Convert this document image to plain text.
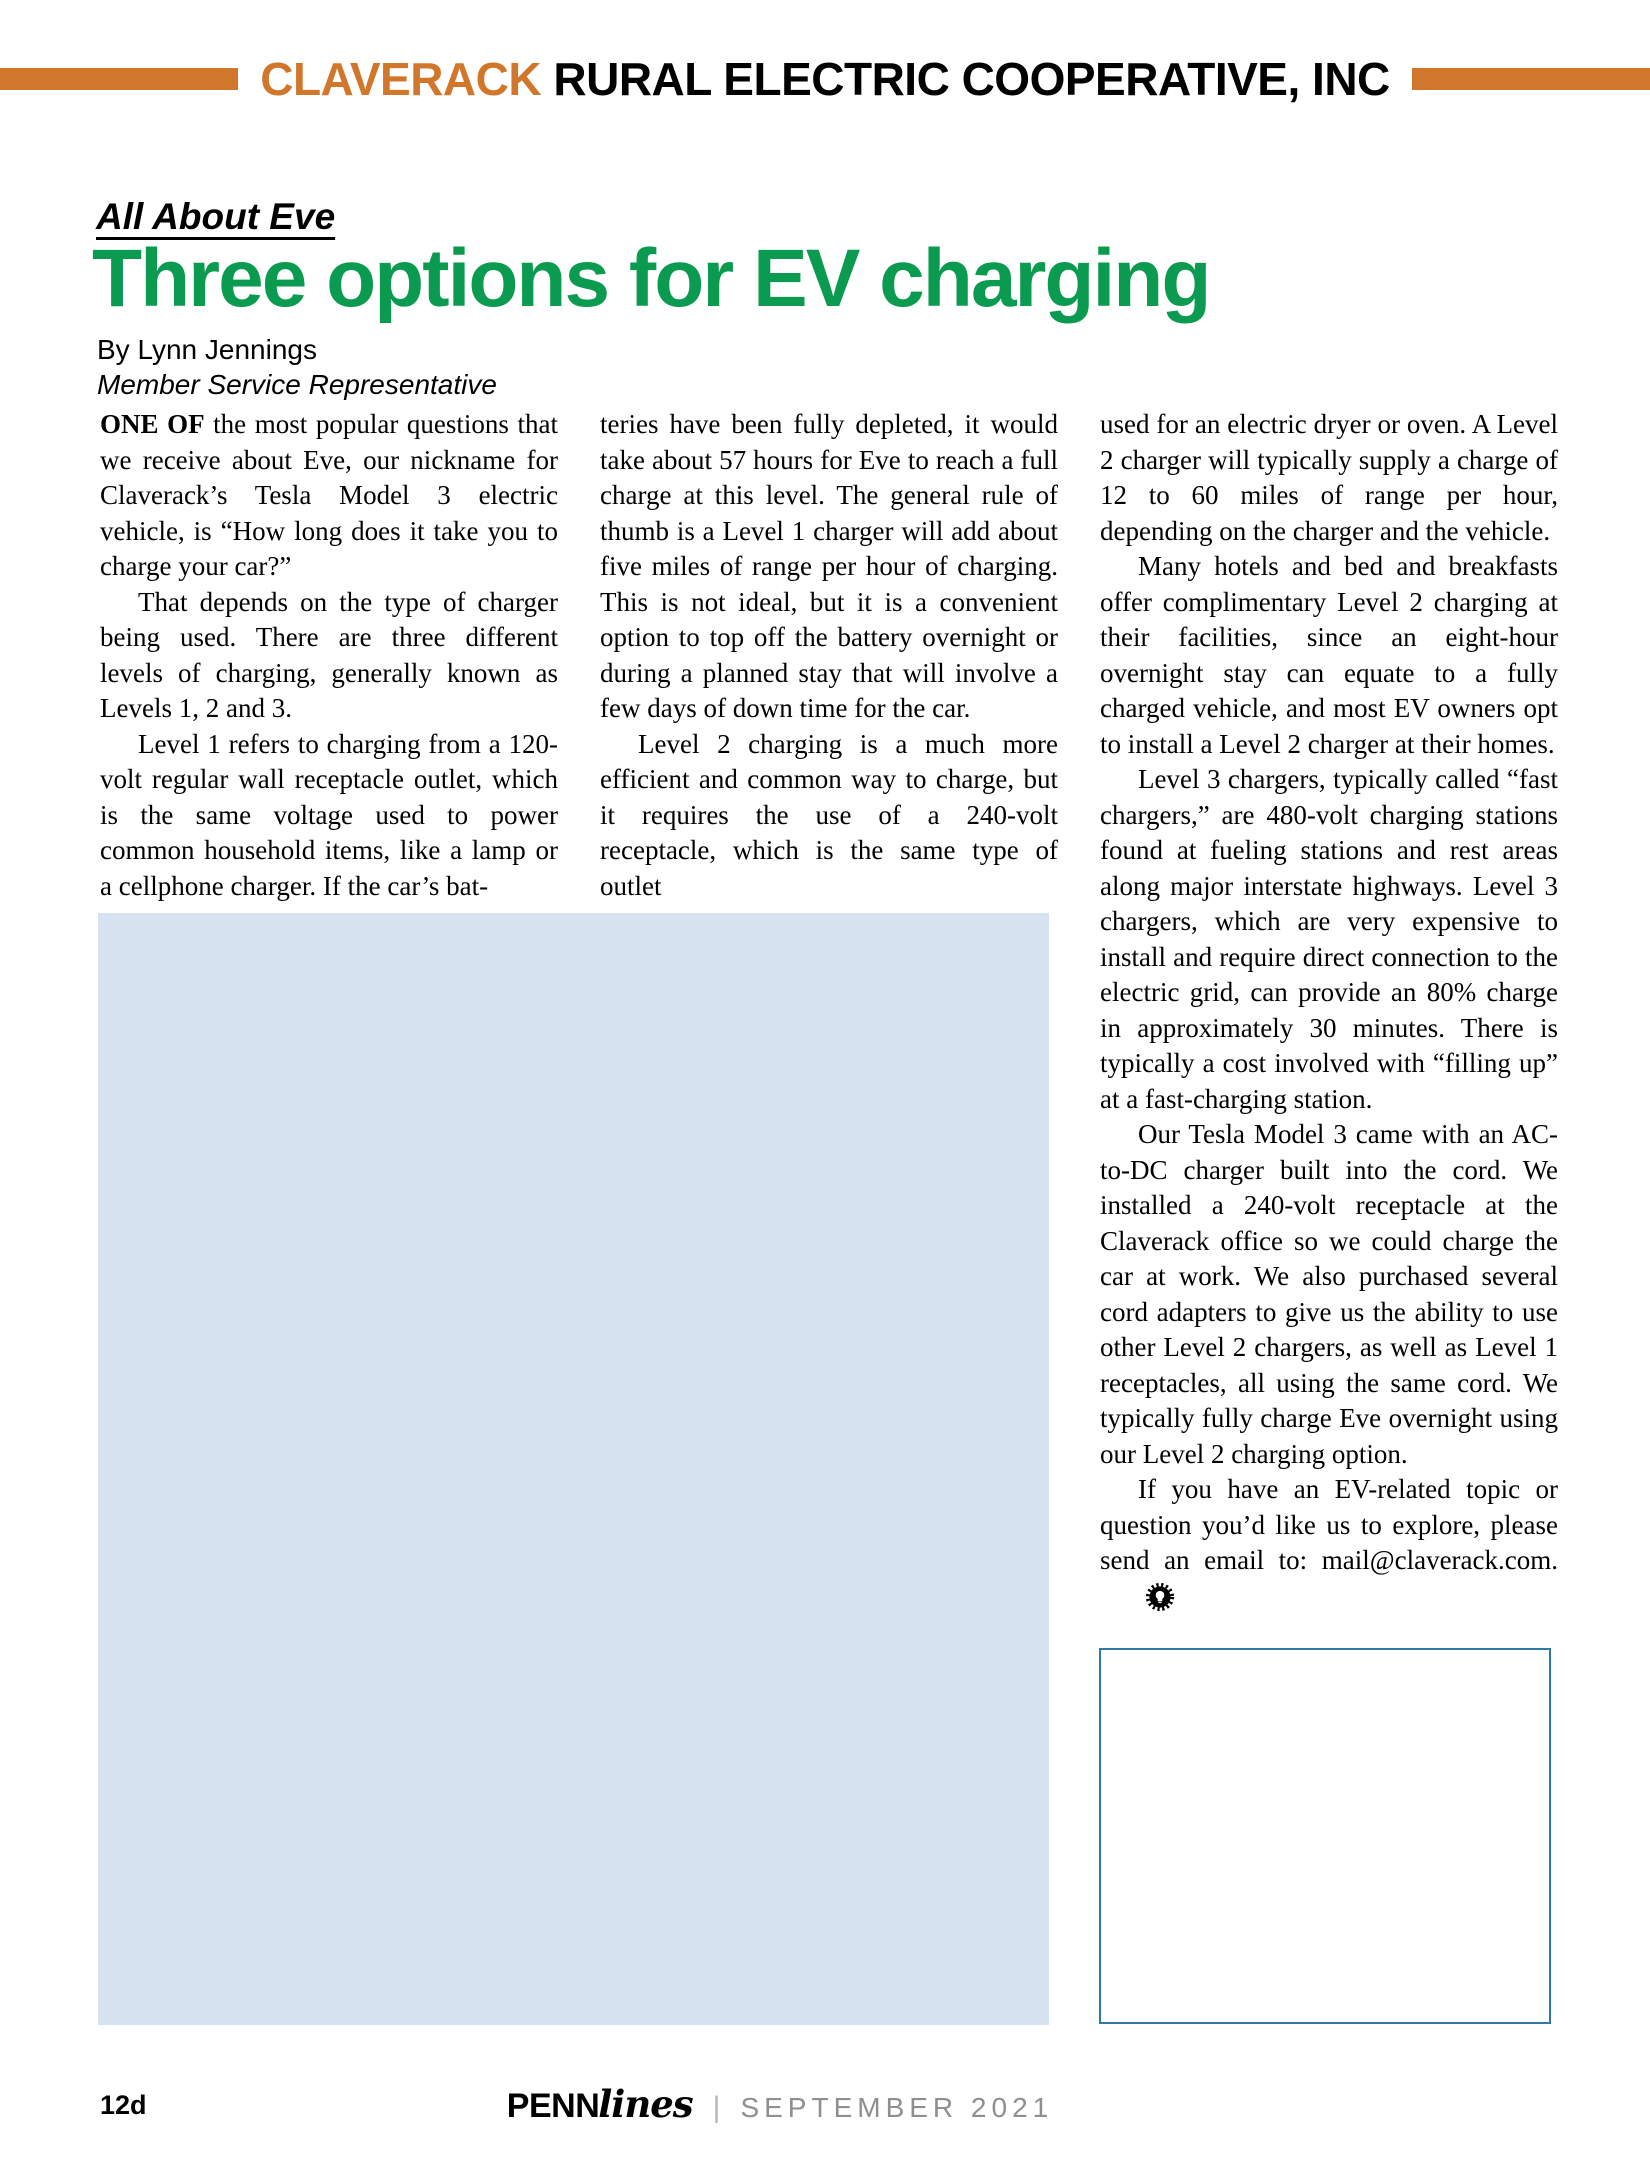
CLAVERACK RURAL ELECTRIC COOPERATIVE, INC
All About Eve
Three options for EV charging
By Lynn Jennings
Member Service Representative

ONE OF the most popular questions that we receive about Eve, our nickname for Claverack’s Tesla Model 3 electric vehicle, is “How long does it take you to charge your car?”

That depends on the type of charger being used. There are three different levels of charging, generally known as Levels 1, 2 and 3.

Level 1 refers to charging from a 120-volt regular wall receptacle outlet, which is the same voltage used to power common household items, like a lamp or a cellphone charger. If the car’s bat-

teries have been fully depleted, it would take about 57 hours for Eve to reach a full charge at this level. The general rule of thumb is a Level 1 charger will add about five miles of range per hour of charging. This is not ideal, but it is a convenient option to top off the battery overnight or during a planned stay that will involve a few days of down time for the car.

Level 2 charging is a much more efficient and common way to charge, but it requires the use of a 240-volt receptacle, which is the same type of outlet

used for an electric dryer or oven. A Level 2 charger will typically supply a charge of 12 to 60 miles of range per hour, depending on the charger and the vehicle.

Many hotels and bed and breakfasts offer complimentary Level 2 charging at their facilities, since an eight-hour overnight stay can equate to a fully charged vehicle, and most EV owners opt to install a Level 2 charger at their homes.

Level 3 chargers, typically called “fast chargers,” are 480-volt charging stations found at fueling stations and rest areas along major interstate highways. Level 3 chargers, which are very expensive to install and require direct connection to the electric grid, can provide an 80% charge in approximately 30 minutes. There is typically a cost involved with “filling up” at a fast-charging station.

Our Tesla Model 3 came with an AC-to-DC charger built into the cord. We installed a 240-volt receptacle at the Claverack office so we could charge the car at work. We also purchased several cord adapters to give us the ability to use other Level 2 chargers, as well as Level 1 receptacles, all using the same cord. We typically fully charge Eve overnight using our Level 2 charging option.

If you have an EV-related topic or question you’d like us to explore, please send an email to: mail@claverack.com.

12d	PENN lines | SEPTEMBER 2021
